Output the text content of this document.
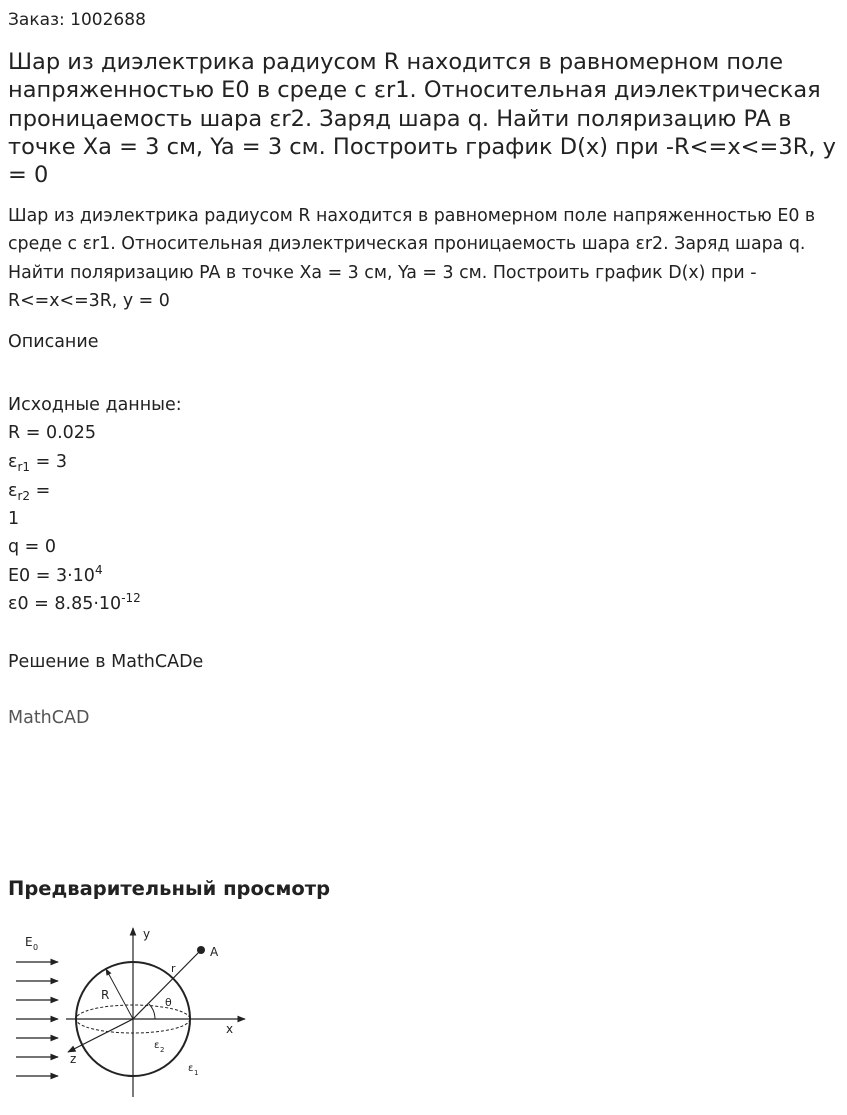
Заказ: 1002688
Шар из диэлектрика радиусом R находится в равномерном поле напряженностью E0 в среде с εr1. Относительная диэлектрическая проницаемость шара εr2. Заряд шара q. Найти поляризацию PA в точке Xa = 3 см, Ya = 3 см. Построить график D(x) при -R<=x<=3R, y = 0

Шар из диэлектрика радиусом R находится в равномерном поле напряженностью E0 в среде с εr1. Относительная диэлектрическая проницаемость шара εr2. Заряд шара q. Найти поляризацию PA в точке Xa = 3 см, Ya = 3 см. Построить график D(x) при -R<=x<=3R, y = 0

Описание
Исходные данные:
R = 0.025
$\varepsilon_{r1} = 3$
$\varepsilon_{r2}$ =
1
q = 0
$E0 = 3\cdot 10^4$
$\varepsilon 0 = 8.85\cdot 10^{-12}$
Решение в MathCADe
MathCAD
Предварительный просмотр
E 0
y
x
z
A
r
R
θ
ε 2
ε 1
